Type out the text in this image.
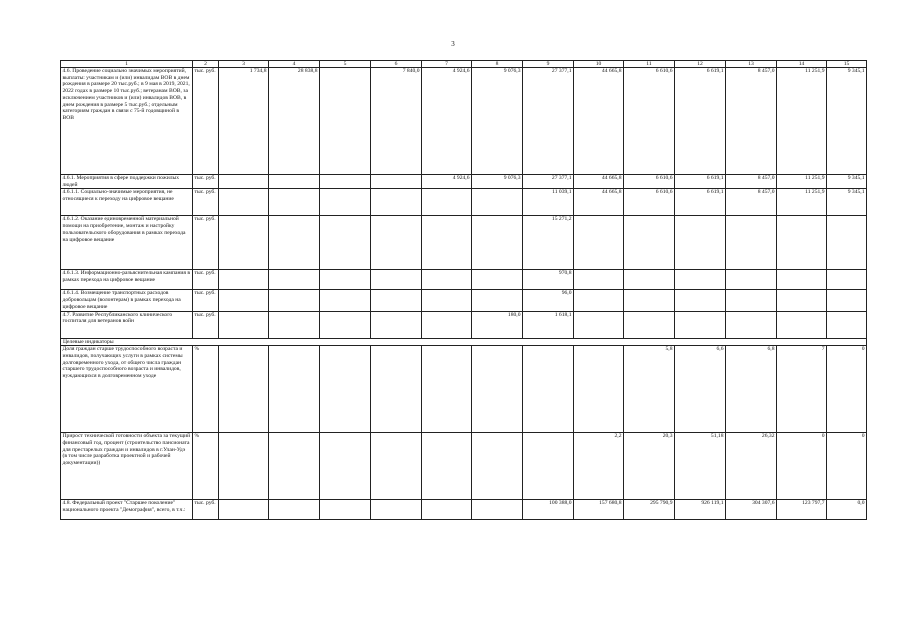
3
1	2	3	4	5	6	7	8	9	10	11	12	13	14	15
4.6. Проведение социально значимых мероприятий, выплаты: участникам и (или) инвалидам ВОВ в днем рождения в размере 20 тыс.руб.; в 9 мая в 2019, 2021, 2022 годах в размере 10 тыс.руб.; ветеранам ВОВ, за исключением участников и (или) инвалидов ВОВ, в днем рождения в размере 5 тыс.руб.; отдельным категориям граждан в связи с 75-й годовщиной в ВОВ	тыс. руб.	1 734,8	28 838,8		7 840,0	4 924,6	9 076,3	27 377,1	44 665,8	6 610,6	6 619,1	8 457,0	11 251,9	9 345,1
4.6.1. Мероприятия в сфере поддержки пожилых людей	тыс. руб.					4 924,6	9 076,3	27 377,1	44 665,8	6 610,6	6 619,1	8 457,0	11 251,9	9 345,1
4.6.1.1. Социально-значимые мероприятия, не относящиеся к переходу на цифровое вещание	тыс. руб.							11 039,1	44 665,8	6 610,6	6 619,1	8 457,0	11 251,9	9 345,1
4.6.1.2. Оказание единовременной материальной помощи на приобретение, монтаж и настройку пользовательского оборудования в рамках перехода на цифровое вещание	тыс. руб.							15 271,2						
4.6.1.3. Информационно-разъяснительная кампания в рамках перехода на цифровое вещание	тыс. руб.							970,8						
4.6.1.4. Возмещение транспортных расходов добровольцам (волонтерам) в рамках перехода на цифровое вещание	тыс. руб.							96,0						
4.7. Развитие Республиканского клинического госпиталя для ветеранов войн	тыс. руб.						180,0	1 618,1						
Целевые индикаторы														
Доля граждан старше трудоспособного возраста и инвалидов, получающих услуги в рамках системы долговременного ухода, от общего числа граждан старшего трудоспособного возраста и инвалидов, нуждающихся в долговременном уходе	%									5,8	6,6	6,8	7	0
Прирост технической готовности объекта за текущий финансовый год, процент (строительство пансионата для престарелых граждан и инвалидов в г.Улан-Удэ (в том числе разработка проектной и рабочей документации))	%								2,2	20,3	51,18	26,32	0	0
4.8. Федеральный проект "Старшее поколение" национального проекта "Демография", всего, в т.ч.:	тыс. руб.							100 388,0	157 680,8	295 790,9	926 119,1	304 307,6	123 797,7	0,0
